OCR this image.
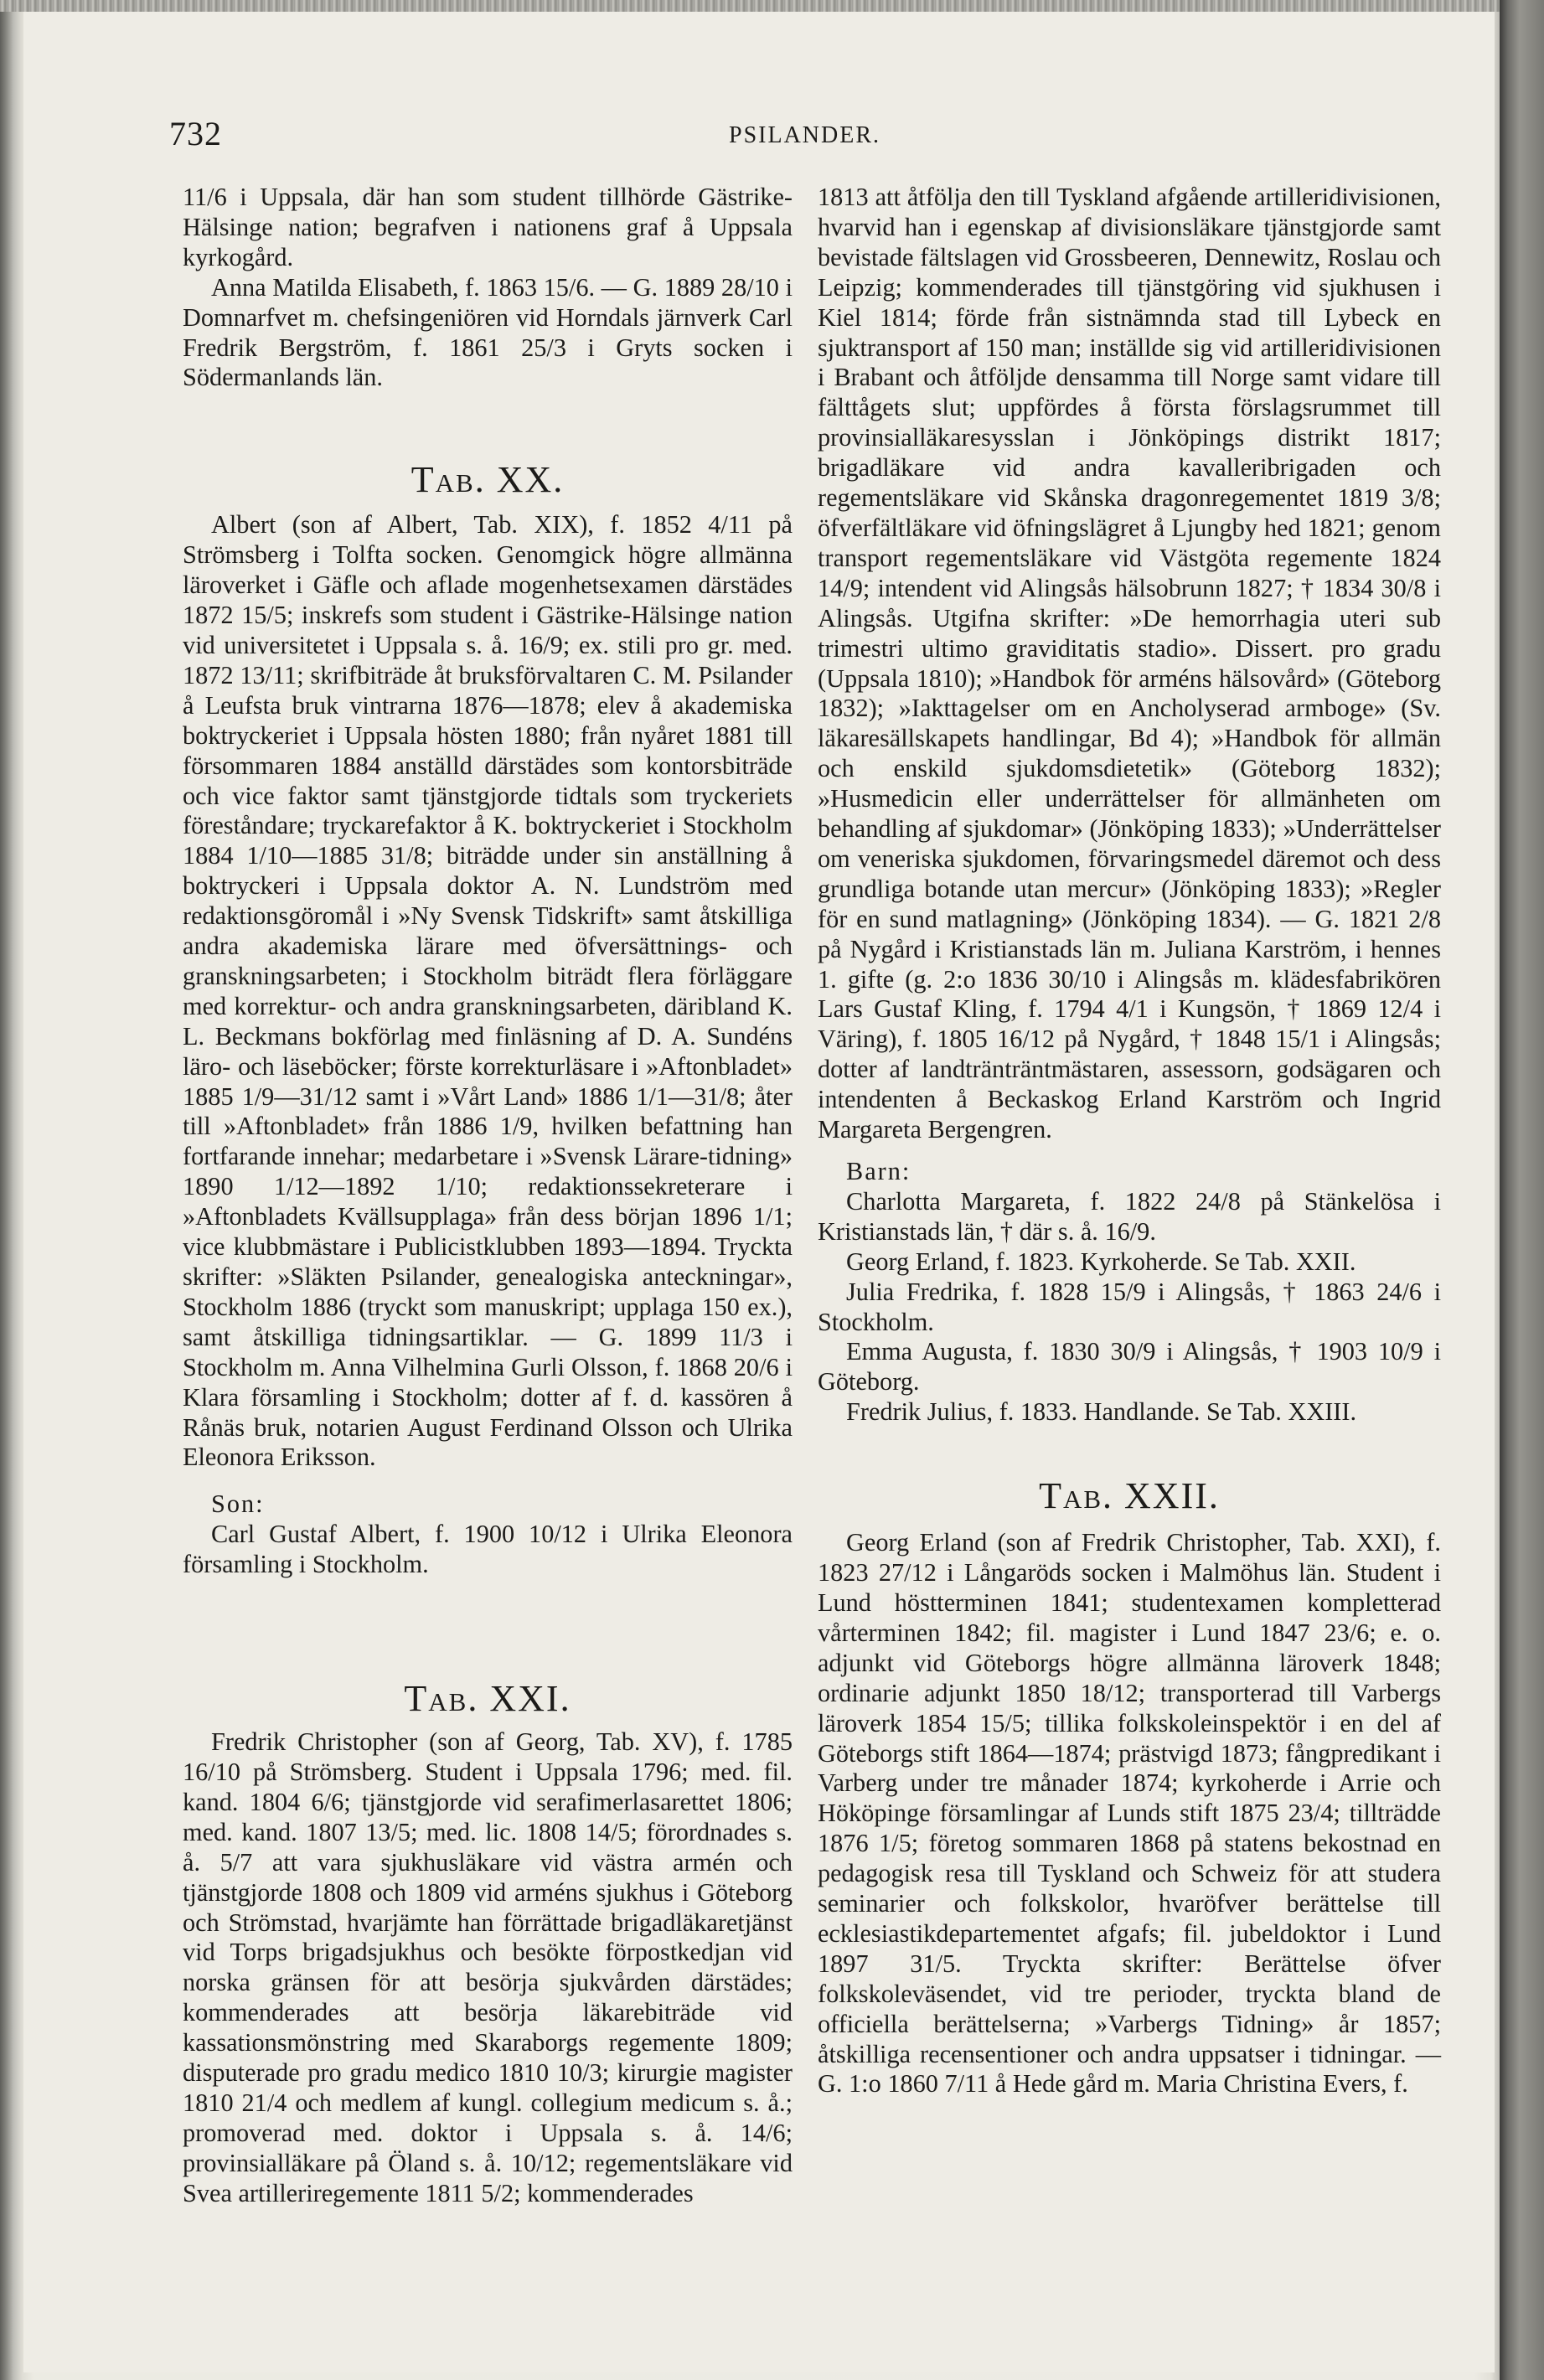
732	PSILANDER.

11/6 i Uppsala, där han som student tillhörde Gästrike-Hälsinge nation; begrafven i nationens graf å Uppsala kyrkogård.

Anna Matilda Elisabeth, f. 1863 15/6. — G. 1889 28/10 i Domnarfvet m. chefsingeniören vid Horndals järnverk Carl Fredrik Bergström, f. 1861 25/3 i Gryts socken i Södermanlands län.

Tab. XX.

Albert (son af Albert, Tab. XIX), f. 1852 4/11 på Strömsberg i Tolfta socken. Genomgick högre allmänna läroverket i Gäfle och aflade mogenhetsexamen därstädes 1872 15/5; inskrefs som student i Gästrike-Hälsinge nation vid universitetet i Uppsala s. å. 16/9; ex. stili pro gr. med. 1872 13/11; skrifbiträde åt bruksförvaltaren C. M. Psilander å Leufsta bruk vintrarna 1876—1878; elev å akademiska boktryckeriet i Uppsala hösten 1880; från nyåret 1881 till försommaren 1884 anställd därstädes som kontorsbiträde och vice faktor samt tjänstgjorde tidtals som tryckeriets föreståndare; tryckarefaktor å K. boktryckeriet i Stockholm 1884 1/10—1885 31/8; biträdde under sin anställning å boktryckeri i Uppsala doktor A. N. Lundström med redaktionsgöromål i »Ny Svensk Tidskrift» samt åtskilliga andra akademiska lärare med öfversättnings- och granskningsarbeten; i Stockholm biträdt flera förläggare med korrektur- och andra granskningsarbeten, däribland K. L. Beckmans bokförlag med finläsning af D. A. Sundéns läro- och läseböcker; förste korrekturläsare i »Aftonbladet» 1885 1/9—31/12 samt i »Vårt Land» 1886 1/1—31/8; åter till »Aftonbladet» från 1886 1/9, hvilken befattning han fortfarande innehar; medarbetare i »Svensk Lärare-tidning» 1890 1/12—1892 1/10; redaktionssekreterare i »Aftonbladets Kvällsupplaga» från dess början 1896 1/1; vice klubbmästare i Publicistklubben 1893—1894. Tryckta skrifter: »Släkten Psilander, genealogiska anteckningar», Stockholm 1886 (tryckt som manuskript; upplaga 150 ex.), samt åtskilliga tidningsartiklar. — G. 1899 11/3 i Stockholm m. Anna Vilhelmina Gurli Olsson, f. 1868 20/6 i Klara församling i Stockholm; dotter af f. d. kassören å Rånäs bruk, notarien August Ferdinand Olsson och Ulrika Eleonora Eriksson.

Son:

Carl Gustaf Albert, f. 1900 10/12 i Ulrika Eleonora församling i Stockholm.

Tab. XXI.

Fredrik Christopher (son af Georg, Tab. XV), f. 1785 16/10 på Strömsberg. Student i Uppsala 1796; med. fil. kand. 1804 6/6; tjänstgjorde vid serafimerlasarettet 1806; med. kand. 1807 13/5; med. lic. 1808 14/5; förordnades s. å. 5/7 att vara sjukhusläkare vid västra armén och tjänstgjorde 1808 och 1809 vid arméns sjukhus i Göteborg och Strömstad, hvarjämte han förrättade brigadläkaretjänst vid Torps brigadsjukhus och besökte förpostkedjan vid norska gränsen för att besörja sjukvården därstädes; kommenderades att besörja läkarebiträde vid kassationsmönstring med Skaraborgs regemente 1809; disputerade pro gradu medico 1810 10/3; kirurgie magister 1810 21/4 och medlem af kungl. collegium medicum s. å.; promoverad med. doktor i Uppsala s. å. 14/6; provinsialläkare på Öland s. å. 10/12; regementsläkare vid Svea artilleriregemente 1811 5/2; kommenderades

1813 att åtfölja den till Tyskland afgående artilleridivisionen, hvarvid han i egenskap af divisionsläkare tjänstgjorde samt bevistade fältslagen vid Grossbeeren, Dennewitz, Roslau och Leipzig; kommenderades till tjänstgöring vid sjukhusen i Kiel 1814; förde från sistnämnda stad till Lybeck en sjuktransport af 150 man; inställde sig vid artilleridivisionen i Brabant och åtföljde densamma till Norge samt vidare till fälttågets slut; uppfördes å första förslagsrummet till provinsialläkaresysslan i Jönköpings distrikt 1817; brigadläkare vid andra kavalleribrigaden och regementsläkare vid Skånska dragonregementet 1819 3/8; öfverfältläkare vid öfningslägret å Ljungby hed 1821; genom transport regementsläkare vid Västgöta regemente 1824 14/9; intendent vid Alingsås hälsobrunn 1827; † 1834 30/8 i Alingsås. Utgifna skrifter: »De hemorrhagia uteri sub trimestri ultimo graviditatis stadio». Dissert. pro gradu (Uppsala 1810); »Handbok för arméns hälsovård» (Göteborg 1832); »Iakttagelser om en Ancholyserad armboge» (Sv. läkaresällskapets handlingar, Bd 4); »Handbok för allmän och enskild sjukdomsdietetik» (Göteborg 1832); »Husmedicin eller underrättelser för allmänheten om behandling af sjukdomar» (Jönköping 1833); »Underrättelser om veneriska sjukdomen, förvaringsmedel däremot och dess grundliga botande utan mercur» (Jönköping 1833); »Regler för en sund matlagning» (Jönköping 1834). — G. 1821 2/8 på Nygård i Kristianstads län m. Juliana Karström, i hennes 1. gifte (g. 2:o 1836 30/10 i Alingsås m. klädesfabrikören Lars Gustaf Kling, f. 1794 4/1 i Kungsön, † 1869 12/4 i Väring), f. 1805 16/12 på Nygård, † 1848 15/1 i Alingsås; dotter af landtränträntmästaren, assessorn, godsägaren och intendenten å Beckaskog Erland Karström och Ingrid Margareta Bergengren.

Barn:

Charlotta Margareta, f. 1822 24/8 på Stänkelösa i Kristianstads län, † där s. å. 16/9.

Georg Erland, f. 1823. Kyrkoherde. Se Tab. XXII.

Julia Fredrika, f. 1828 15/9 i Alingsås, † 1863 24/6 i Stockholm.

Emma Augusta, f. 1830 30/9 i Alingsås, † 1903 10/9 i Göteborg.

Fredrik Julius, f. 1833. Handlande. Se Tab. XXIII.

Tab. XXII.

Georg Erland (son af Fredrik Christopher, Tab. XXI), f. 1823 27/12 i Långaröds socken i Malmöhus län. Student i Lund höstterminen 1841; studentexamen kompletterad vårterminen 1842; fil. magister i Lund 1847 23/6; e. o. adjunkt vid Göteborgs högre allmänna läroverk 1848; ordinarie adjunkt 1850 18/12; transporterad till Varbergs läroverk 1854 15/5; tillika folkskoleinspektör i en del af Göteborgs stift 1864—1874; prästvigd 1873; fångpredikant i Varberg under tre månader 1874; kyrkoherde i Arrie och Hököpinge församlingar af Lunds stift 1875 23/4; tillträdde 1876 1/5; företog sommaren 1868 på statens bekostnad en pedagogisk resa till Tyskland och Schweiz för att studera seminarier och folkskolor, hvaröfver berättelse till ecklesiastikdepartementet afgafs; fil. jubeldoktor i Lund 1897 31/5. Tryckta skrifter: Berättelse öfver folkskoleväsendet, vid tre perioder, tryckta bland de officiella berättelserna; »Varbergs Tidning» år 1857; åtskilliga recensentioner och andra uppsatser i tidningar. — G. 1:o 1860 7/11 å Hede gård m. Maria Christina Evers, f.
